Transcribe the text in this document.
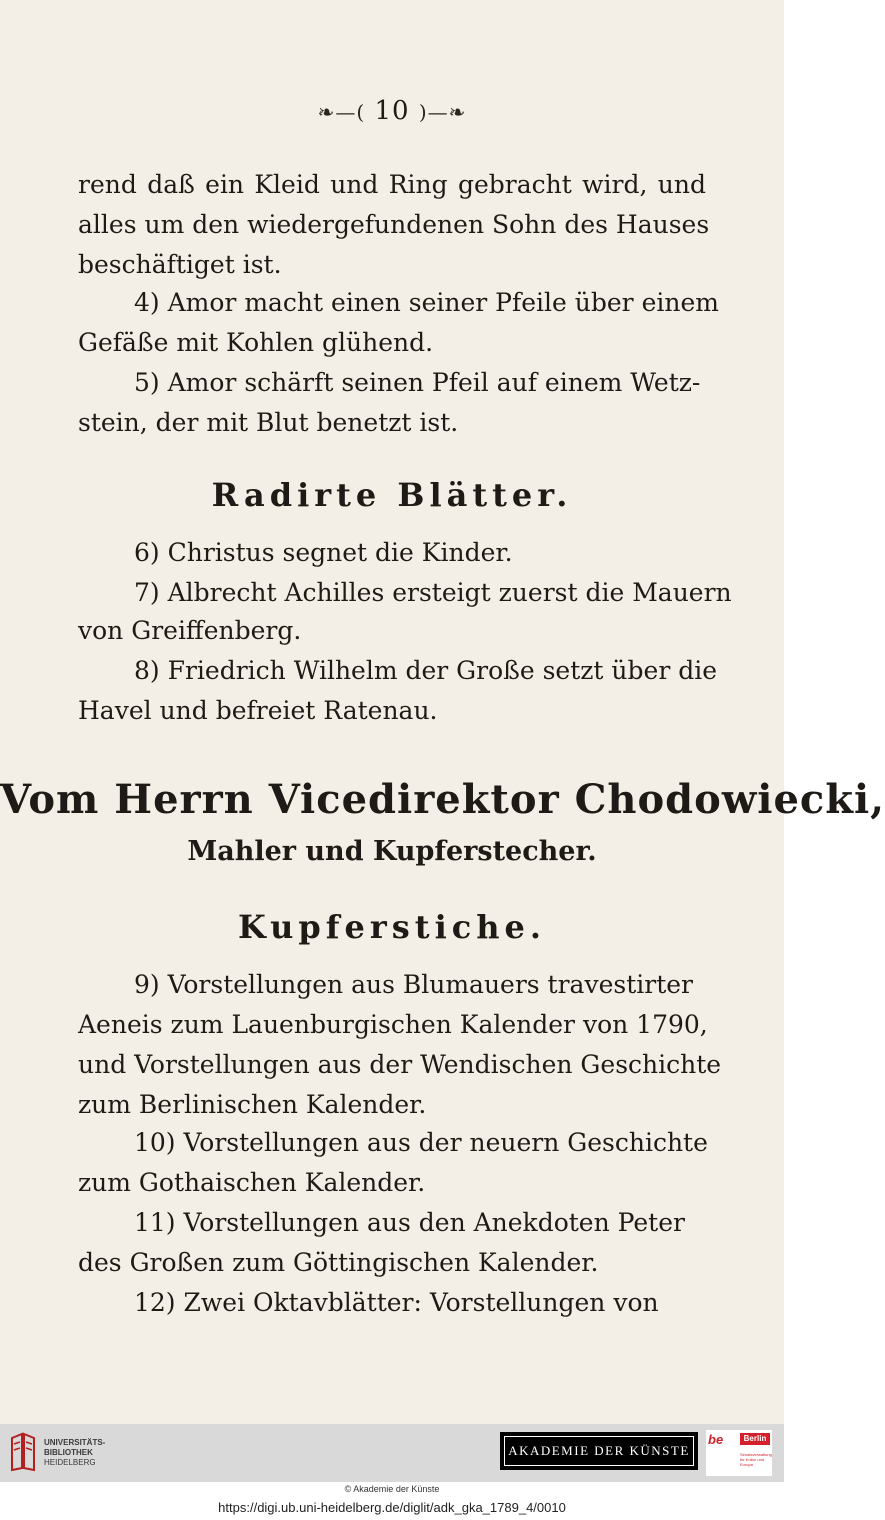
❧—( 10 )—❧
rend daß ein Kleid und Ring gebracht wird, und
alles um den wiedergefundenen Sohn des Hauses
beschäftiget ist.
4) Amor macht einen seiner Pfeile über einem
Gefäße mit Kohlen glühend.
5) Amor schärft seinen Pfeil auf einem Wetz-
stein, der mit Blut benetzt ist.
Radirte Blätter.
6) Christus segnet die Kinder.
7) Albrecht Achilles ersteigt zuerst die Mauern
von Greiffenberg.
8) Friedrich Wilhelm der Große setzt über die
Havel und befreiet Ratenau.
Vom Herrn Vicedirektor Chodowiecki,
Mahler und Kupferstecher.
Kupferstiche.
9) Vorstellungen aus Blumauers travestirter
Aeneis zum Lauenburgischen Kalender von 1790,
und Vorstellungen aus der Wendischen Geschichte
zum Berlinischen Kalender.
10) Vorstellungen aus der neuern Geschichte
zum Gothaischen Kalender.
11) Vorstellungen aus den Anekdoten Peter
des Großen zum Göttingischen Kalender.
12) Zwei Oktavblätter: Vorstellungen von
UNIVERSITÄTS-
BIBLIOTHEK
HEIDELBERG
AKADEMIE DER KÜNSTE
be	Berlin
Senatsverwaltung für Kultur und Europa
© Akademie der Künste
https://digi.ub.uni-heidelberg.de/diglit/adk_gka_1789_4/0010
